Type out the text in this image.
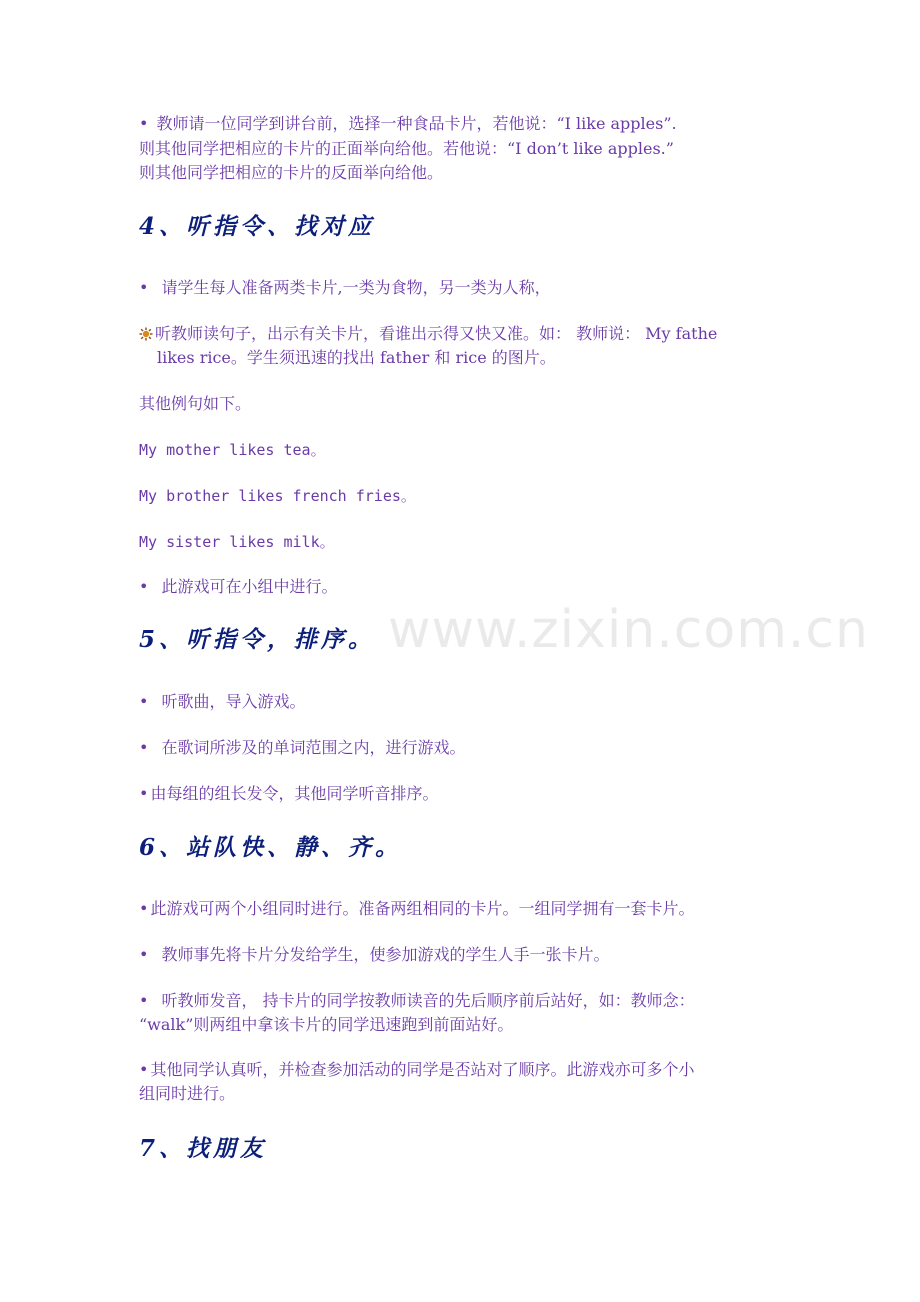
www.zixin.com.cn
• 教师请一位同学到讲台前，选择一种食品卡片，若他说：“I like apples”.
则其他同学把相应的卡片的正面举向给他。若他说：“I don’t like apples.”
则其他同学把相应的卡片的反面举向给他。
4、听指令、找对应
• 请学生每人准备两类卡片,一类为食物，另一类为人称，
听教师读句子，出示有关卡片，看谁出示得又快又准。如： 教师说： My fathe
likes rice。学生须迅速的找出 father 和 rice 的图片。
其他例句如下。
My mother likes tea。
My brother likes french fries。
My sister likes milk。
• 此游戏可在小组中进行。
5、听指令，排序。
• 听歌曲，导入游戏。
• 在歌词所涉及的单词范围之内，进行游戏。
• 由每组的组长发令，其他同学听音排序。
6、站队快、静、齐。
• 此游戏可两个小组同时进行。准备两组相同的卡片。一组同学拥有一套卡片。
• 教师事先将卡片分发给学生，使参加游戏的学生人手一张卡片。
• 听教师发音， 持卡片的同学按教师读音的先后顺序前后站好，如：教师念：
“walk”则两组中拿该卡片的同学迅速跑到前面站好。
• 其他同学认真听，并检查参加活动的同学是否站对了顺序。此游戏亦可多个小
组同时进行。
7、找朋友
